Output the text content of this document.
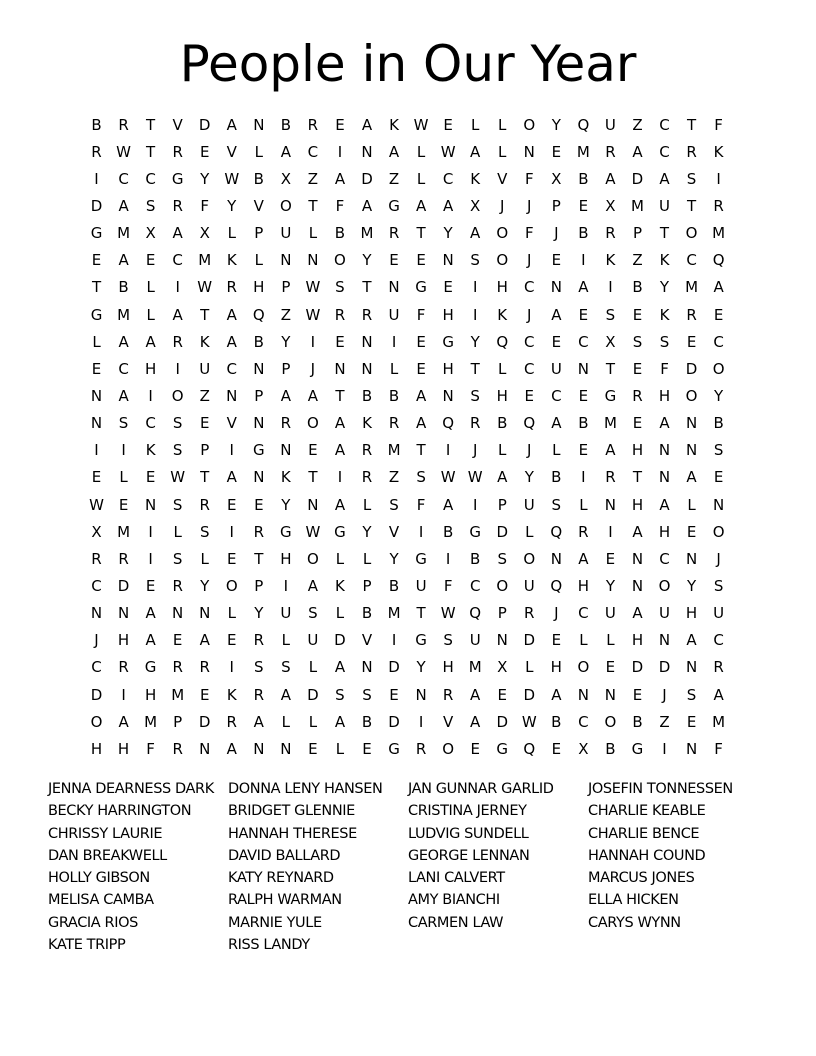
People in Our Year
B	R	T	V	D	A	N	B	R	E	A	K W E	L	L	O	Y	Q	U	Z	C	T	F
R W	T	R	E	V	L	A	C	I	N	A	L	W A	L	N	E	M	R	A	C	R	K
I	C	C	G	Y	W B	X	Z	A	D	Z	L	C	K	V	F	X	B	A	D	A	S	I
D	A	S	R	F	Y	V	O	T	F	A	G	A	A	X	J	J	P	E	X	M	U	T	R
G M	X	A	X	L	P	U	L	B	M	R	T	Y	A	O	F	J	B	R	P	T	O M
E	A	E	C	M	K	L	N	N	O	Y	E	E	N	S	O	J	E	I	K	Z	K	C	Q
T	B	L	I	W R	H	P	W S	T	N	G	E	I	H	C	N	A	I	B	Y	M	A
G M	L	A	T	A	Q	Z W R	R	U	F	H	I	K	J	A	E	S	E	K	R	E
L	A	A	R	K	A	B	Y	I	E	N	I	E	G	Y	Q	C	E	C	X	S	S	E	C
E	C	H	I	U	C	N	P	J	N	N	L	E	H	T	L	C	U	N	T	E	F	D	O
N	A	I	O	Z	N	P	A	A	T	B	B	A	N	S	H	E	C	E	G	R	H	O	Y
N	S	C	S	E	V	N	R	O	A	K	R	A	Q	R	B	Q	A	B	M	E	A	N	B
I	I	K	S	P	I	G	N	E	A	R	M	T	I	J	L	J	L	E	A	H	N	N	S
E	L	E W	T	A	N	K	T	I	R	Z	S W W A	Y	B	I	R	T	N	A	E
W E	N	S	R	E	E	Y	N	A	L	S	F	A	I	P	U	S	L	N	H	A	L	N
X	M	I	L	S	I	R	G W G	Y	V	I	B	G	D	L	Q	R	I	A	H	E	O
R	R	I	S	L	E	T	H	O	L	L	Y	G	I	B	S	O	N	A	E	N	C	N	J
C	D	E	R	Y	O	P	I	A	K	P	B	U	F	C	O	U	Q	H	Y	N	O	Y	S
N	N	A	N	N	L	Y	U	S	L	B	M	T	W Q	P	R	J	C	U	A	U	H	U
J	H	A	E	A	E	R	L	U	D	V	I	G	S	U	N	D	E	L	L	H	N	A	C
C	R	G	R	R	I	S	S	L	A	N	D	Y	H M	X	L	H	O	E	D	D	N	R
D	I	H M	E	K	R	A	D	S	S	E	N	R	A	E	D	A	N	N	E	J	S	A
O	A	M	P	D	R	A	L	L	A	B	D	I	V	A	D W B	C	O	B	Z	E	M
H	H	F	R	N	A	N	N	E	L	E	G	R	O	E	G	Q	E	X	B	G	I	N	F
JENNA DEARNESS DARK
BECKY HARRINGTON
CHRISSY LAURIE
DAN BREAKWELL
HOLLY GIBSON
MELISA CAMBA
GRACIA RIOS
KATE TRIPP
DONNA LENY HANSEN
BRIDGET GLENNIE
HANNAH THERESE
DAVID BALLARD
KATY REYNARD
RALPH WARMAN
MARNIE YULE
RISS LANDY
JAN GUNNAR GARLID
CRISTINA JERNEY
LUDVIG SUNDELL
GEORGE LENNAN
LANI CALVERT
AMY BIANCHI
CARMEN LAW
JOSEFIN TONNESSEN
CHARLIE KEABLE
CHARLIE BENCE
HANNAH COUND
MARCUS JONES
ELLA HICKEN
CARYS WYNN
